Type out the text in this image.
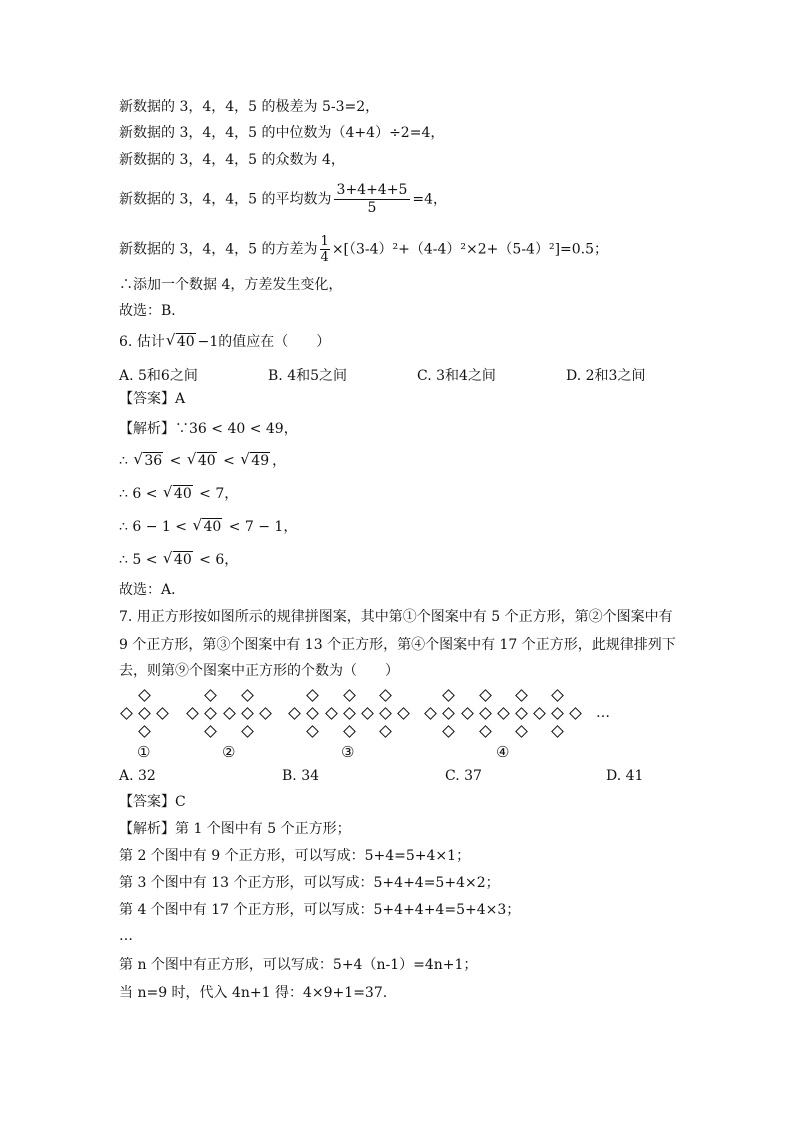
新数据的 3，4，4，5 的极差为 5-3=2，
新数据的 3，4，4，5 的中位数为（4+4）÷2=4，
新数据的 3，4，4，5 的众数为 4，
新数据的 3，4，4，5 的平均数为 $\frac{3+4+4+5}{5} =4$，
新数据的 3，4，4，5 的方差为 $\frac{1}{4} \times[(3-4)^2+(4-4)^2\times 2+(5-4)^2]=0.5$；
∴添加一个数据 4，方差发生变化，
故选：B．
6. 估计√ 40 −1的值应在（　　）
A. 5和6之间	B. 4和5之间	C. 3和4之间	D. 2和3之间
【答案】A
【解析】∵36 < 40 < 49，
∴ √ 36 < √ 40 < √ 49 ，
∴ 6 < √ 40 < 7，
∴ 6 − 1 < √ 40 < 7 − 1，
∴ 5 < √ 40 < 6，
故选：A．
7. 用正方形按如图所示的规律拼图案，其中第①个图案中有 5 个正方形，第②个图案中有
9 个正方形，第③个图案中有 13 个正方形，第④个图案中有 17 个正方形，此规律排列下
去，则第⑨个图案中正方形的个数为（　　）
…
①	②	③	④
A. 32	B. 34	C. 37	D. 41
【答案】C
【解析】第 1 个图中有 5 个正方形；
第 2 个图中有 9 个正方形，可以写成：5+4=5+4×1；
第 3 个图中有 13 个正方形，可以写成：5+4+4=5+4×2；
第 4 个图中有 17 个正方形，可以写成：5+4+4+4=5+4×3；
…
第 n 个图中有正方形，可以写成：5+4（n-1）=4n+1；
当 n=9 时，代入 4n+1 得：4×9+1=37.
